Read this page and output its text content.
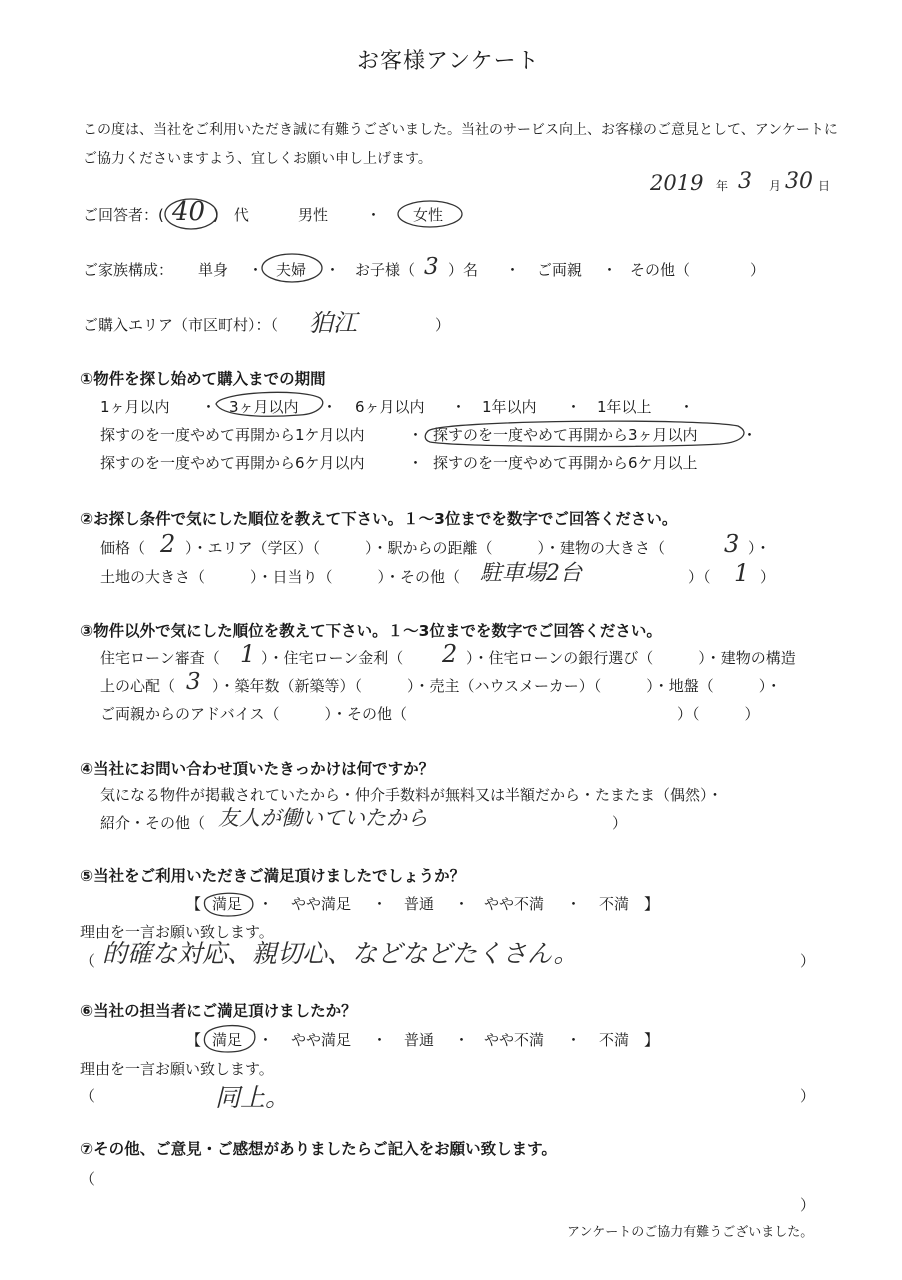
お客様アンケート
この度は、当社をご利用いただき誠に有難うございました。当社のサービス向上、お客様のご意見として、アンケートに
ご協力くださいますよう、宜しくお願い申し上げます。
2019 年 3 月 30 日
ご回答者：( 40 )　代	男性	・ 女性
ご家族構成： 単身 ・ 夫婦 ・ お子様（ 3 ）名 ・ ご両親 ・ その他（　　　　）
ご購入エリア（市区町村）：（ 狛江	）
①物件を探し始めて購入までの期間
1ヶ月以内 ・ 3ヶ月以内 ・ 6ヶ月以内 ・ 1年以内 ・ 1年以上 ・
探すのを一度やめて再開から1ケ月以内	・ 探すのを一度やめて再開から3ヶ月以内	・
探すのを一度やめて再開から6ケ月以内	・ 探すのを一度やめて再開から6ケ月以上
②お探し条件で気にした順位を教えて下さい。１〜3位までを数字でご回答ください。
価格（ 2 ）・エリア（学区）（　　　）・駅からの距離（　　　）・建物の大きさ（ 3 ）・
土地の大きさ（　　　）・日当り（　　　）・その他（ 駐車場2台	）（ 1 ）
③物件以外で気にした順位を教えて下さい。１〜3位までを数字でご回答ください。
住宅ローン審査（ 1 ）・住宅ローン金利（ 2 ）・住宅ローンの銀行選び（　　　）・建物の構造
上の心配（ 3 ）・築年数（新築等）（　　　）・売主（ハウスメーカー）（　　　）・地盤（　　　）・
ご両親からのアドバイス（　　　）・その他（　　　　　　　　　　　　　　　　　　）（　　　）
④当社にお問い合わせ頂いたきっかけは何ですか？
気になる物件が掲載されていたから・仲介手数料が無料又は半額だから・たまたま（偶然）・
紹介・その他（ 友人が働いていたから	）
⑤当社をご利用いただきご満足頂けましたでしょうか？
【 満足 ・ やや満足 ・ 普通 ・ やや不満 ・ 不満 】
理由を一言お願い致します。
（ 的確な対応、親切心、などなどたくさん。	）
⑥当社の担当者にご満足頂けましたか？
【 満足 ・ やや満足 ・ 普通 ・ やや不満 ・ 不満 】
理由を一言お願い致します。
（	同上。	）
⑦その他、ご意見・ご感想がありましたらご記入をお願い致します。
（
）
アンケートのご協力有難うございました。
